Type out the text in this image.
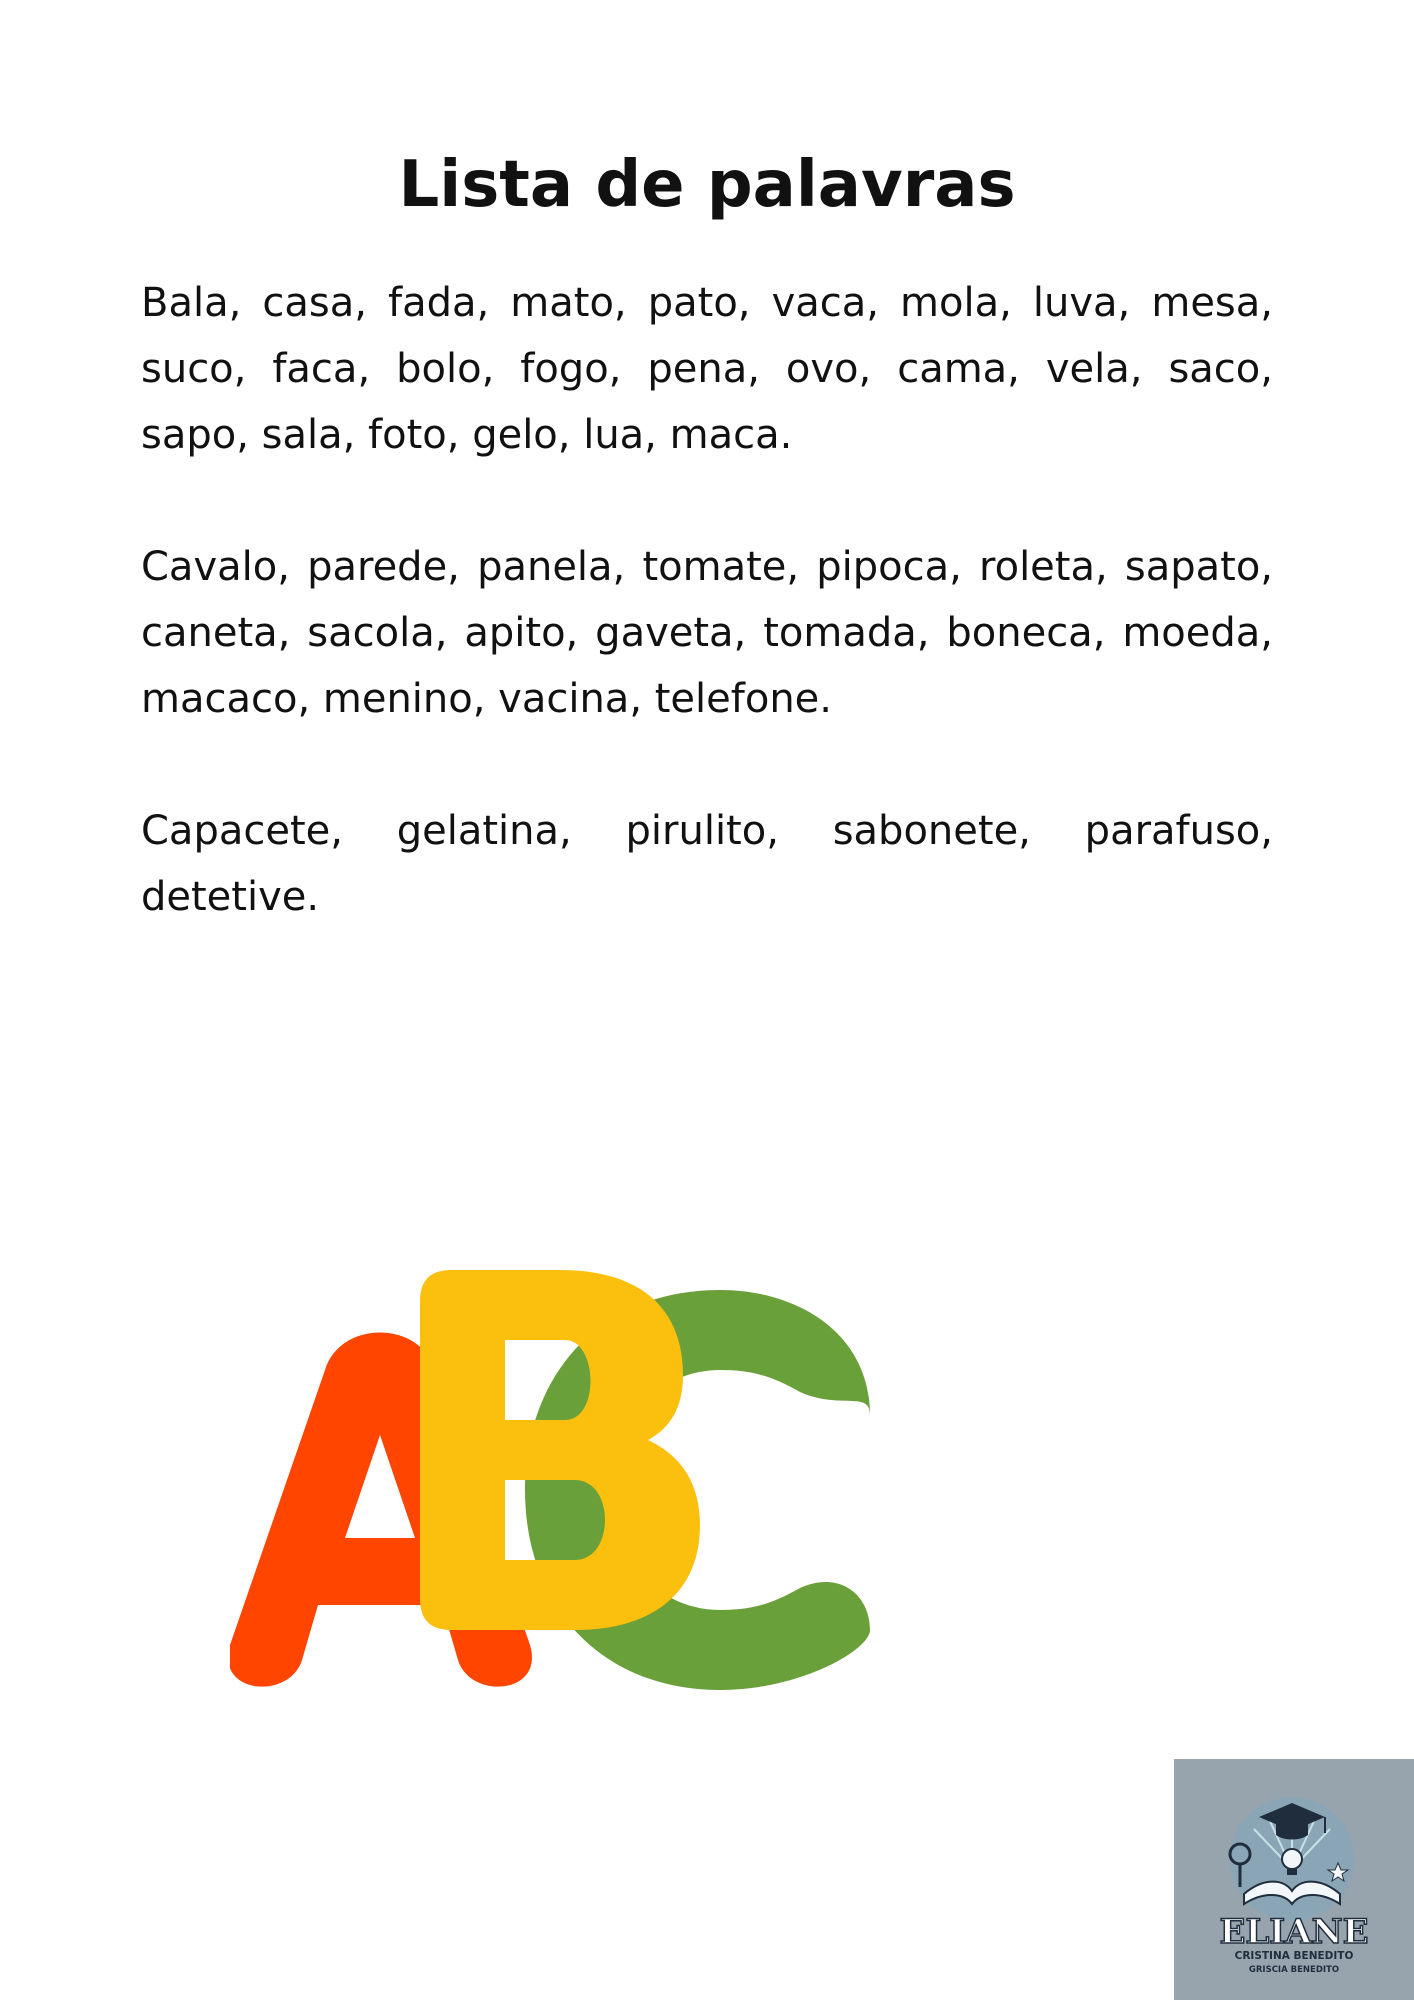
Lista de palavras

Bala, casa, fada, mato, pato, vaca, mola, luva, mesa, suco, faca, bolo, fogo, pena, ovo, cama, vela, saco, sapo, sala, foto, gelo, lua, maca.

Cavalo, parede, panela, tomate, pipoca, roleta, sapato, caneta, sacola, apito, gaveta, tomada, boneca, moeda, macaco, menino, vacina, telefone.

Capacete, gelatina, pirulito, sabonete, parafuso, detetive.

ELIANE
CRISTINA BENEDITO
GRISCIA BENEDITO
